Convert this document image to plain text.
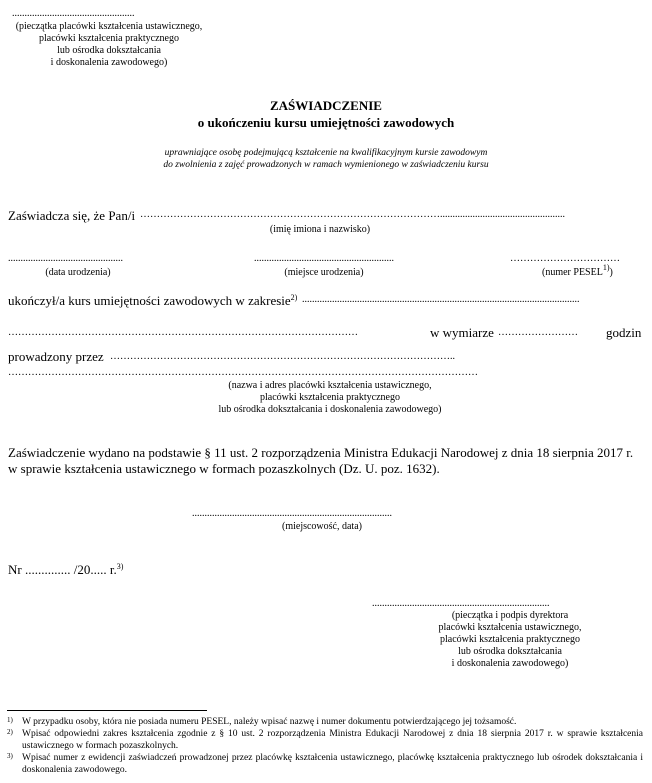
.................................................
(pieczątka placówki kształcenia ustawicznego,
placówki kształcenia praktycznego
lub ośrodka dokształcania
i doskonalenia zawodowego)
ZAŚWIADCZENIE
o ukończeniu kursu umiejętności zawodowych
uprawniające osobę podejmującą kształcenie na kwalifikacyjnym kursie zawodowym
do zwolnienia z zajęć prowadzonych w ramach wymienionego w zaświadczeniu kursu
Zaświadcza się, że Pan/i ………………………………………………………………………………..................................................
(imię imiona i nazwisko)
..............................................
(data urodzenia)
........................................................
(miejsce urodzenia)
……………………………
(numer PESEL$^{1)}$)
ukończył/a kurs umiejętności zawodowych w zakresie$^{2)}$ ...............................................................................................................
……………………………………………………………………………………………	w wymiarze ……………………	godzin
prowadzony przez …………………………………………………………………………………………..
……………………………………………………………………………………………………………………………
(nazwa i adres placówki kształcenia ustawicznego,
placówki kształcenia praktycznego
lub ośrodka dokształcania i doskonalenia zawodowego)
Zaświadczenie wydano na podstawie § 11 ust. 2 rozporządzenia Ministra Edukacji Narodowej z dnia 18 sierpnia 2017 r.
w sprawie kształcenia ustawicznego w formach pozaszkolnych (Dz. U. poz. 1632).
................................................................................
(miejscowość, data)
Nr .............. /20..... r.$^{3)}$
.......................................................................
(pieczątka i podpis dyrektora
placówki kształcenia ustawicznego,
placówki kształcenia praktycznego
lub ośrodka dokształcania
i doskonalenia zawodowego)
1) W przypadku osoby, która nie posiada numeru PESEL, należy wpisać nazwę i numer dokumentu potwierdzającego jej tożsamość.
2) Wpisać odpowiedni zakres kształcenia zgodnie z § 10 ust. 2 rozporządzenia Ministra Edukacji Narodowej z dnia 18 sierpnia 2017 r. w sprawie kształcenia ustawicznego w formach pozaszkolnych.
3) Wpisać numer z ewidencji zaświadczeń prowadzonej przez placówkę kształcenia ustawicznego, placówkę kształcenia praktycznego lub ośrodek dokształcania i doskonalenia zawodowego.
